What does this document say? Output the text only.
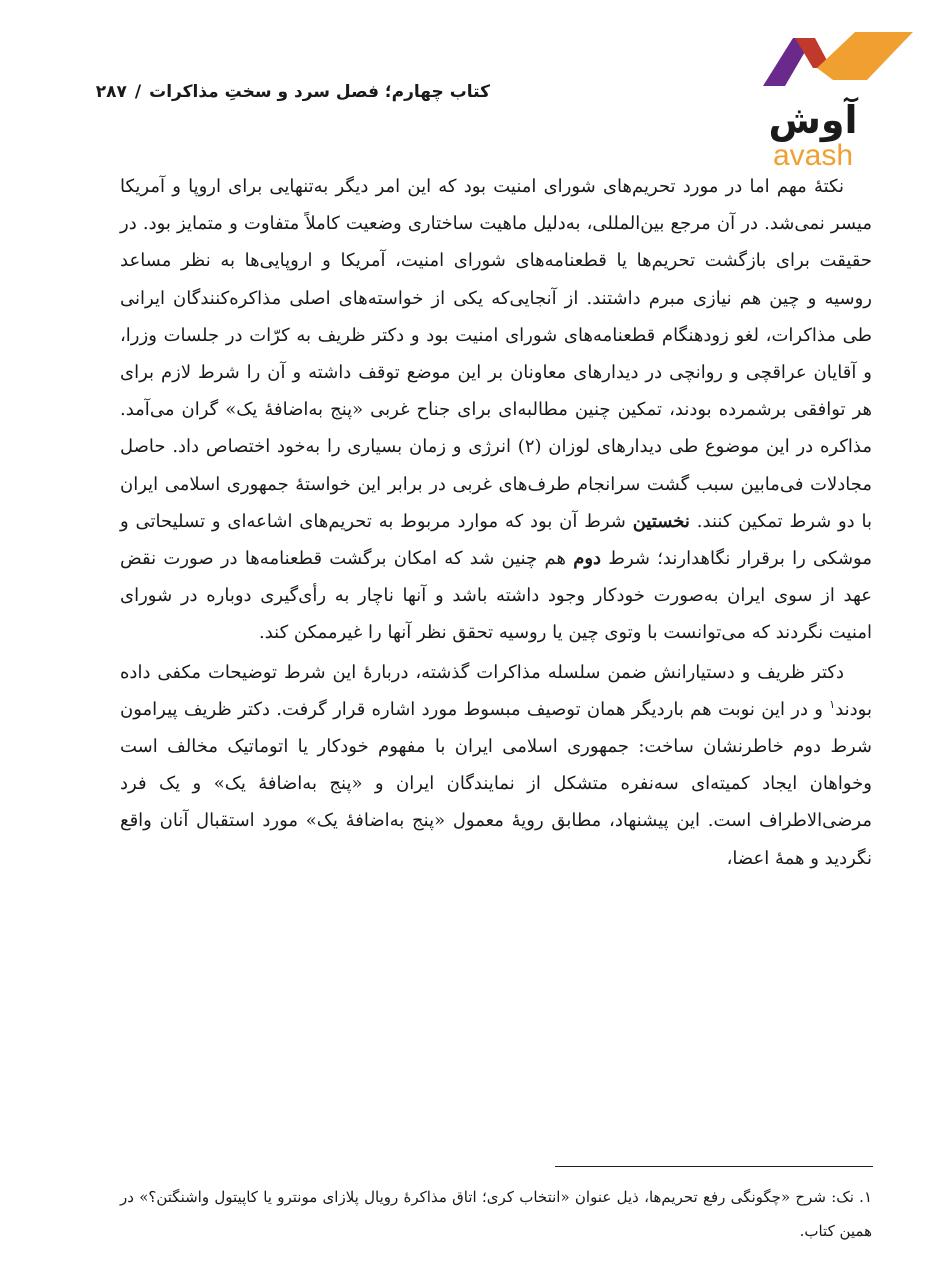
کتاب چهارم؛ فصل سرد و سختِ مذاکرات/۲۸۷
آوش
avash

نکتهٔ مهم اما در مورد تحریم‌های شورای امنیت بود که این امر دیگر به‌تنهایی برای اروپا و آمریکا میسر نمی‌شد. در آن مرجع بین‌المللی، به‌دلیل ماهیت ساختاری وضعیت کاملاً متفاوت و متمایز بود. در حقیقت برای بازگشت تحریم‌ها یا قطعنامه‌های شورای امنیت، آمریکا و اروپایی‌ها به نظر مساعد روسیه و چین هم نیازی مبرم داشتند. از آنجایی‌که یکی از خواسته‌های اصلی مذاکره‌کنندگان ایرانی طی مذاکرات، لغو زودهنگام قطعنامه‌های شورای امنیت بود و دکتر ظریف به کرّات در جلسات وزرا، و آقایان عراقچی و روانچی در دیدارهای معاونان بر این موضع توقف داشته و آن را شرط لازم برای هر توافقی برشمرده بودند، تمکین چنین مطالبه‌ای برای جناح غربی «پنج به‌اضافهٔ یک» گران می‌آمد. مذاکره در این موضوع طی دیدارهای لوزان (۲) انرژی و زمان بسیاری را به‌خود اختصاص داد. حاصل مجادلات فی‌مابین سبب گشت سرانجام طرف‌های غربی در برابر این خواستهٔ جمهوری اسلامی ایران با دو شرط تمکین کنند. نخستین شرط آن بود که موارد مربوط به تحریم‌های اشاعه‌ای و تسلیحاتی و موشکی را برقرار نگاهدارند؛ شرط دوم هم چنین شد که امکان برگشت قطعنامه‌ها در صورت نقض عهد از سوی ایران به‌صورت خودکار وجود داشته باشد و آنها ناچار به رأی‌گیری دوباره در شورای امنیت نگردند که می‌توانست با وتوی چین یا روسیه تحقق نظر آنها را غیرممکن کند.

دکتر ظریف و دستیارانش ضمن سلسله مذاکرات گذشته، دربارهٔ این شرط توضیحات مکفی داده بودند$^۱$ و در این نوبت هم باردیگر همان توصیف مبسوط مورد اشاره قرار گرفت. دکتر ظریف پیرامون شرط دوم خاطرنشان ساخت: جمهوری اسلامی ایران با مفهوم خودکار یا اتوماتیک مخالف است وخواهان ایجاد کمیته‌ای سه‌نفره متشکل از نمایندگان ایران و «پنج به‌اضافهٔ یک» و یک فرد مرضی‌الاطراف است. این پیشنهاد، مطابق رویهٔ معمول «پنج به‌اضافهٔ یک» مورد استقبال آنان واقع نگردید و همهٔ اعضا،

۱. نک: شرح «چگونگی رفع تحریم‌ها، ذیل عنوان «انتخاب کری؛ اتاق مذاکرهٔ رویال پلازای مونترو یا کاپیتول واشنگتن؟» در همین کتاب.
